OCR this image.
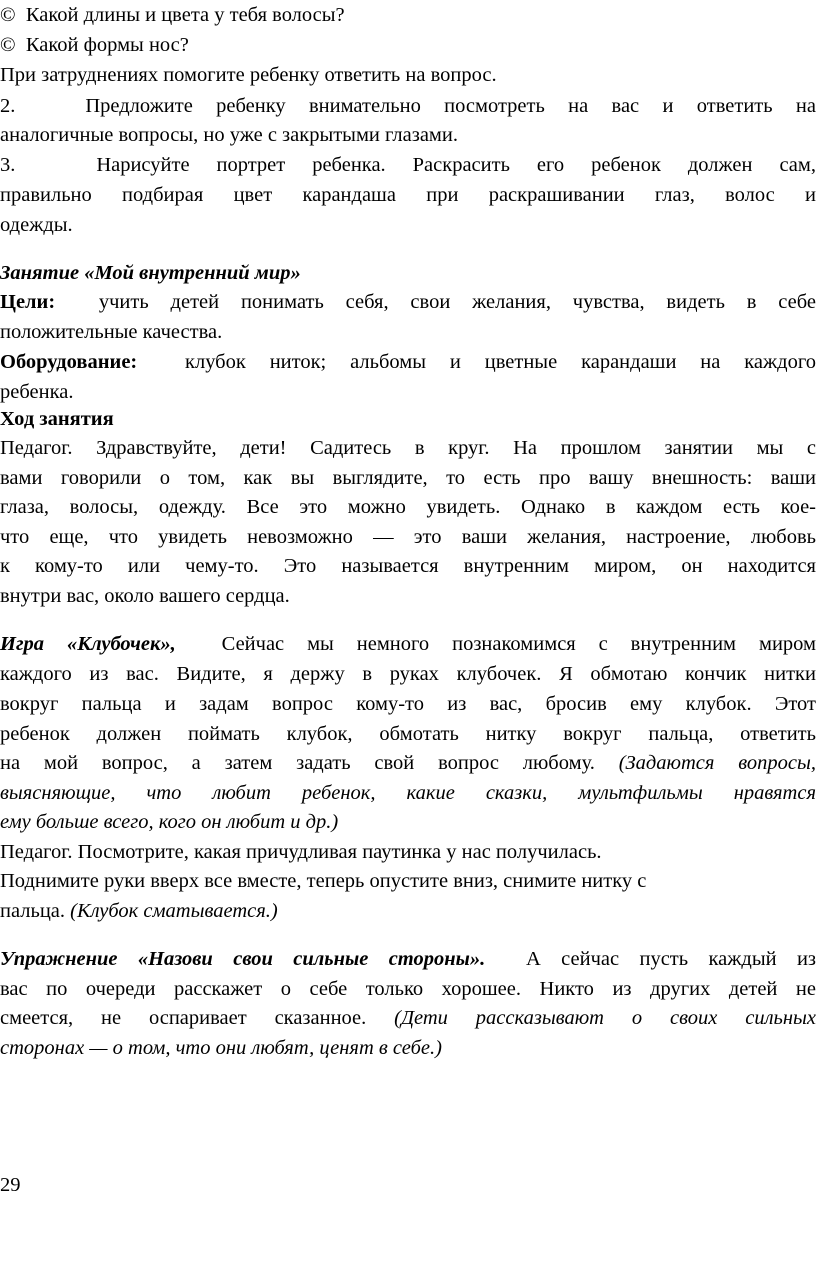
© Какой длины и цвета у тебя волосы?
© Какой формы нос?
При затруднениях помогите ребенку ответить на вопрос.
2.	Предложите ребенку внимательно посмотреть на вас и ответить на
аналогичные вопросы, но уже с закрытыми глазами.
3.	Нарисуйте портрет ребенка. Раскрасить его ребенок должен сам,
правильно подбирая цвет карандаша при раскрашивании глаз, волос и
одежды.
Занятие «Мой внутренний мир»
Цели: учить детей понимать себя, свои желания, чувства, видеть в себе
положительные качества.
Оборудование: клубок ниток; альбомы и цветные карандаши на каждого
ребенка.
Ход занятия
Педагог. Здравствуйте, дети! Садитесь в круг. На прошлом занятии мы с
вами говорили о том, как вы выглядите, то есть про вашу внешность: ваши
глаза, волосы, одежду. Все это можно увидеть. Однако в каждом есть кое-
что еще, что увидеть невозможно — это ваши желания, настроение, любовь
к кому-то или чему-то. Это называется внутренним миром, он находится
внутри вас, около вашего сердца.
Игра «Клубочек», Сейчас мы немного познакомимся с внутренним миром
каждого из вас. Видите, я держу в руках клубочек. Я обмотаю кончик нитки
вокруг пальца и задам вопрос кому-то из вас, бросив ему клубок. Этот
ребенок должен поймать клубок, обмотать нитку вокруг пальца, ответить
на мой вопрос, а затем задать свой вопрос любому. (Задаются вопросы,
выясняющие, что любит ребенок, какие сказки, мультфильмы нравятся
ему больше всего, кого он любит и др.)
Педагог. Посмотрите, какая причудливая паутинка у нас получилась.
Поднимите руки вверх все вместе, теперь опустите вниз, снимите нитку с
пальца. (Клубок сматывается.)
Упражнение «Назови свои сильные стороны». А сейчас пусть каждый из
вас по очереди расскажет о себе только хорошее. Никто из других детей не
смеется, не оспаривает сказанное. (Дети рассказывают о своих сильных
сторонах — о том, что они любят, ценят в себе.)
29
